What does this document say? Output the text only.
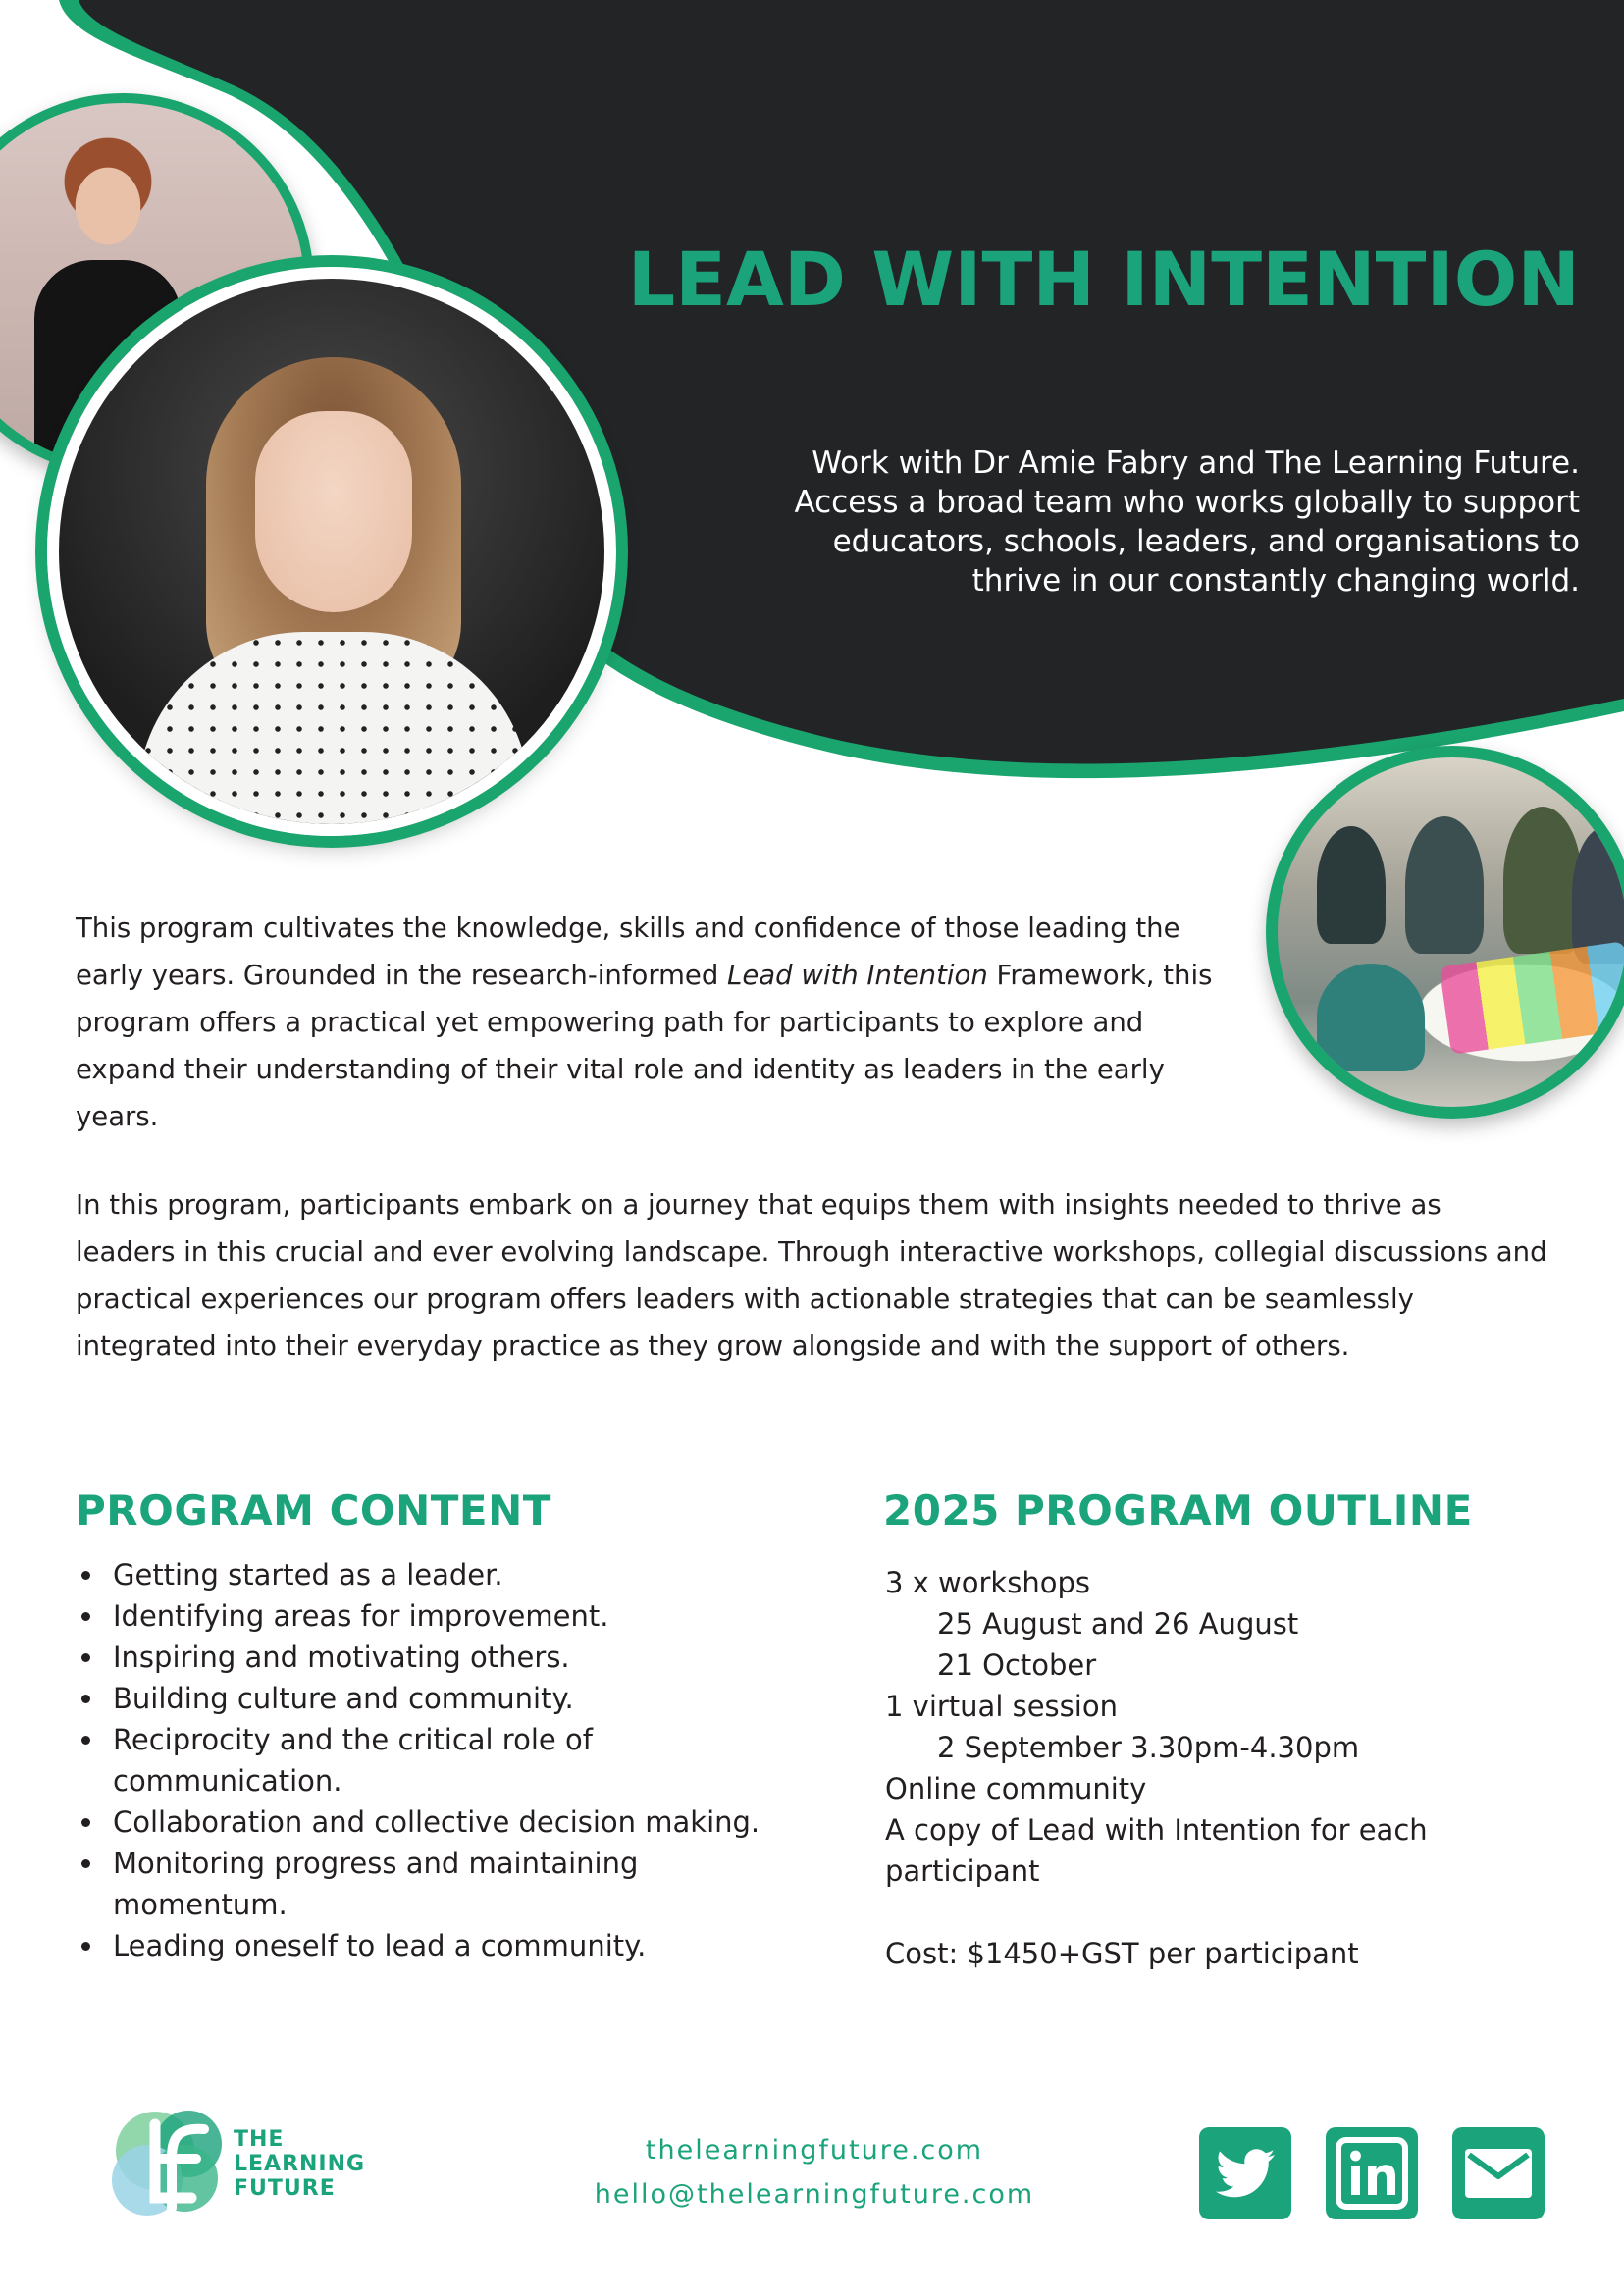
LEAD WITH INTENTION
Work with Dr Amie Fabry and The Learning Future.
Access a broad team who works globally to support
educators, schools, leaders, and organisations to
thrive in our constantly changing world.

This program cultivates the knowledge, skills and confidence of those leading the early years. Grounded in the research-informed Lead with Intention Framework, this program offers a practical yet empowering path for participants to explore and expand their understanding of their vital role and identity as leaders in the early years.

In this program, participants embark on a journey that equips them with insights needed to thrive as leaders in this crucial and ever evolving landscape. Through interactive workshops, collegial discussions and practical experiences our program offers leaders with actionable strategies that can be seamlessly integrated into their everyday practice as they grow alongside and with the support of others.

PROGRAM CONTENT
Getting started as a leader.
Identifying areas for improvement.
Inspiring and motivating others.
Building culture and community.
Reciprocity and the critical role of communication.
Collaboration and collective decision making.
Monitoring progress and maintaining momentum.
Leading oneself to lead a community.
2025 PROGRAM OUTLINE
3 x workshops
25 August and 26 August
21 October
1 virtual session
2 September 3.30pm-4.30pm
Online community
A copy of Lead with Intention for each participant
Cost: $1450+GST per participant
THE
LEARNING
FUTURE
thelearningfuture.com
hello@thelearningfuture.com
